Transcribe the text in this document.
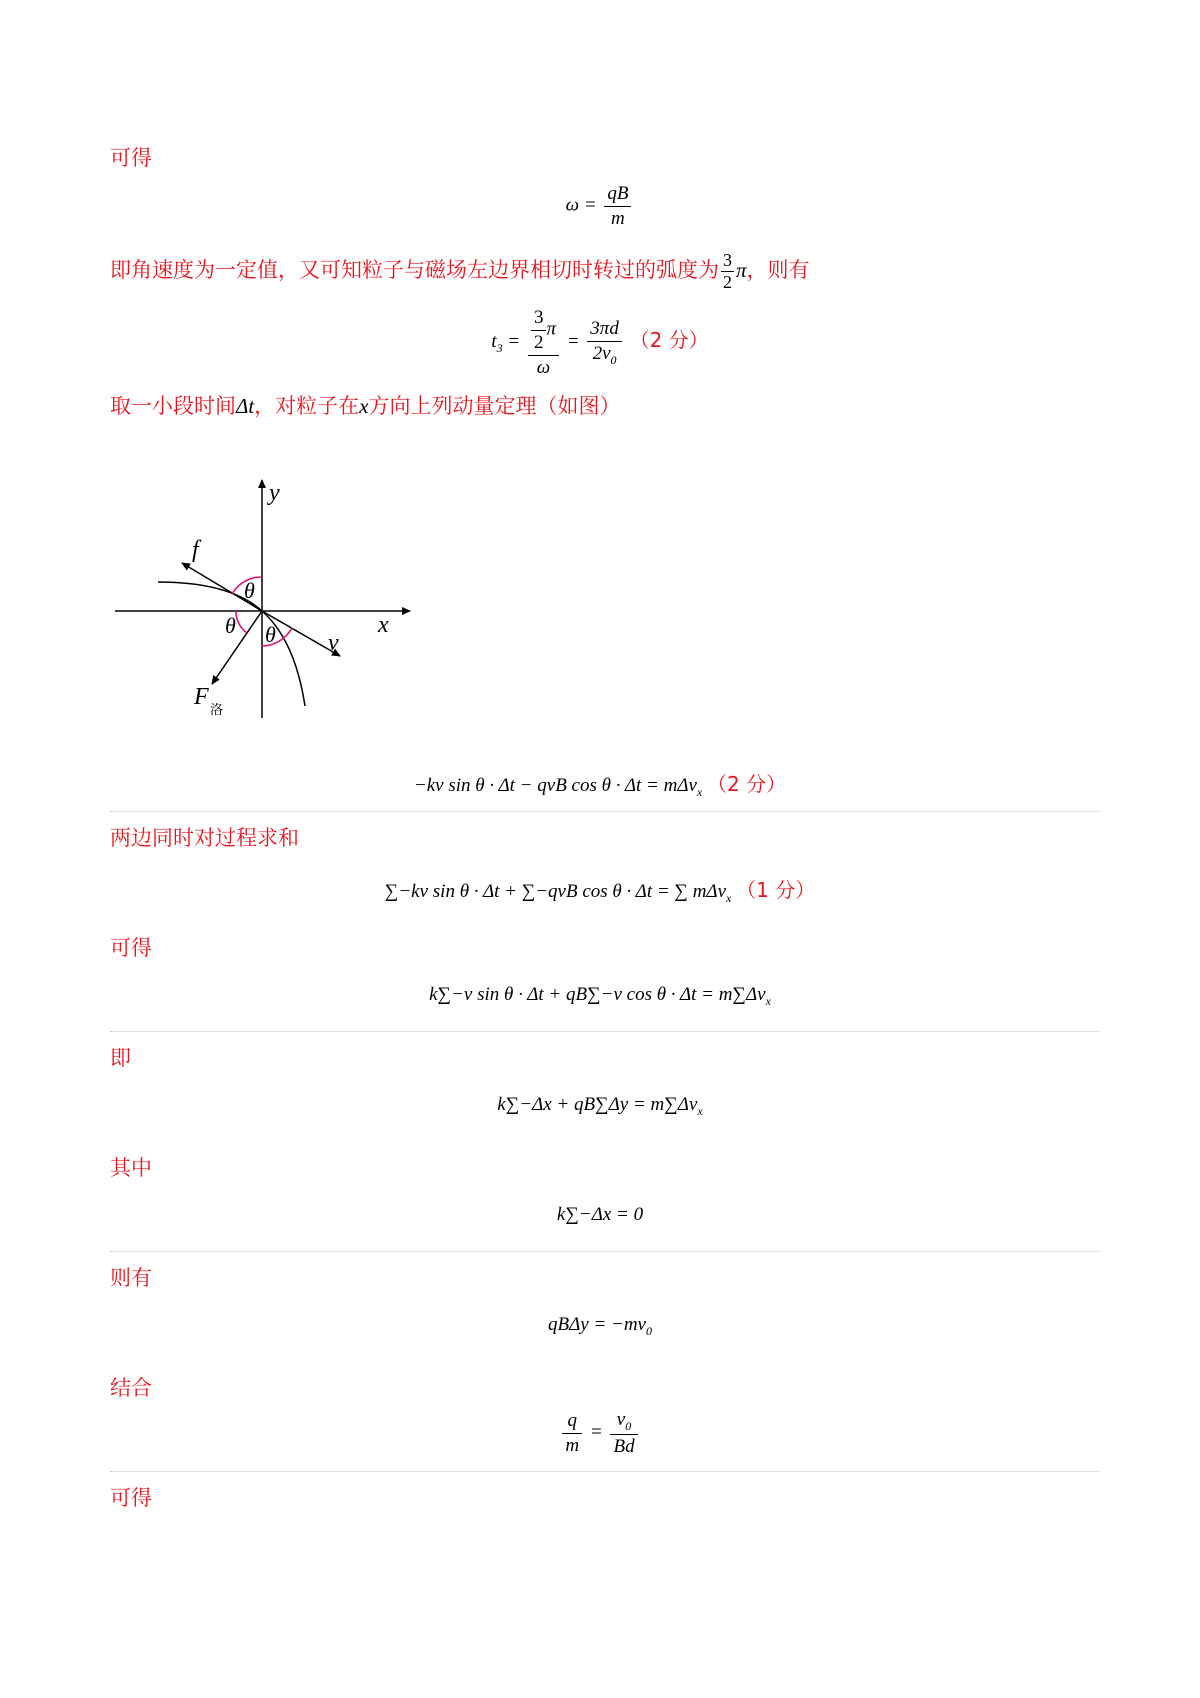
可得
$\omega = \frac{qB}{m}$
即角速度为一定值，又可知粒子与磁场左边界相切时转过的弧度为 $\frac{3}{2}$ π，则有
$t_3 = \frac{\frac{3}{2} \pi}{\omega} = \frac{3\pi d}{2v_0} (2$ 分）
取一小段时间Δt，对粒子在x方向上列动量定理（如图）
y
x
f
v
F
洛
θ
θ θ
−kv sin θ · Δt − qvB cos θ · Δt = mΔv$_x$ （2 分）
两边同时对过程求和
∑−kv sin θ · Δt + ∑−qvB cos θ · Δt = ∑ mΔv$_x$ （1 分）
可得
k∑−v sin θ · Δt + qB∑−v $\cos \theta \cdot \Delta t = m\sum\Delta v_x$
即
$k\sum-\Delta x + qB\sum\Delta y = m\sum\Delta v_x$
其中
k∑−Δx = 0
则有
$qB\Delta y = -mv_0$
结合
$\frac{q}{m} = \frac{v_0}{Bd}$
可得
